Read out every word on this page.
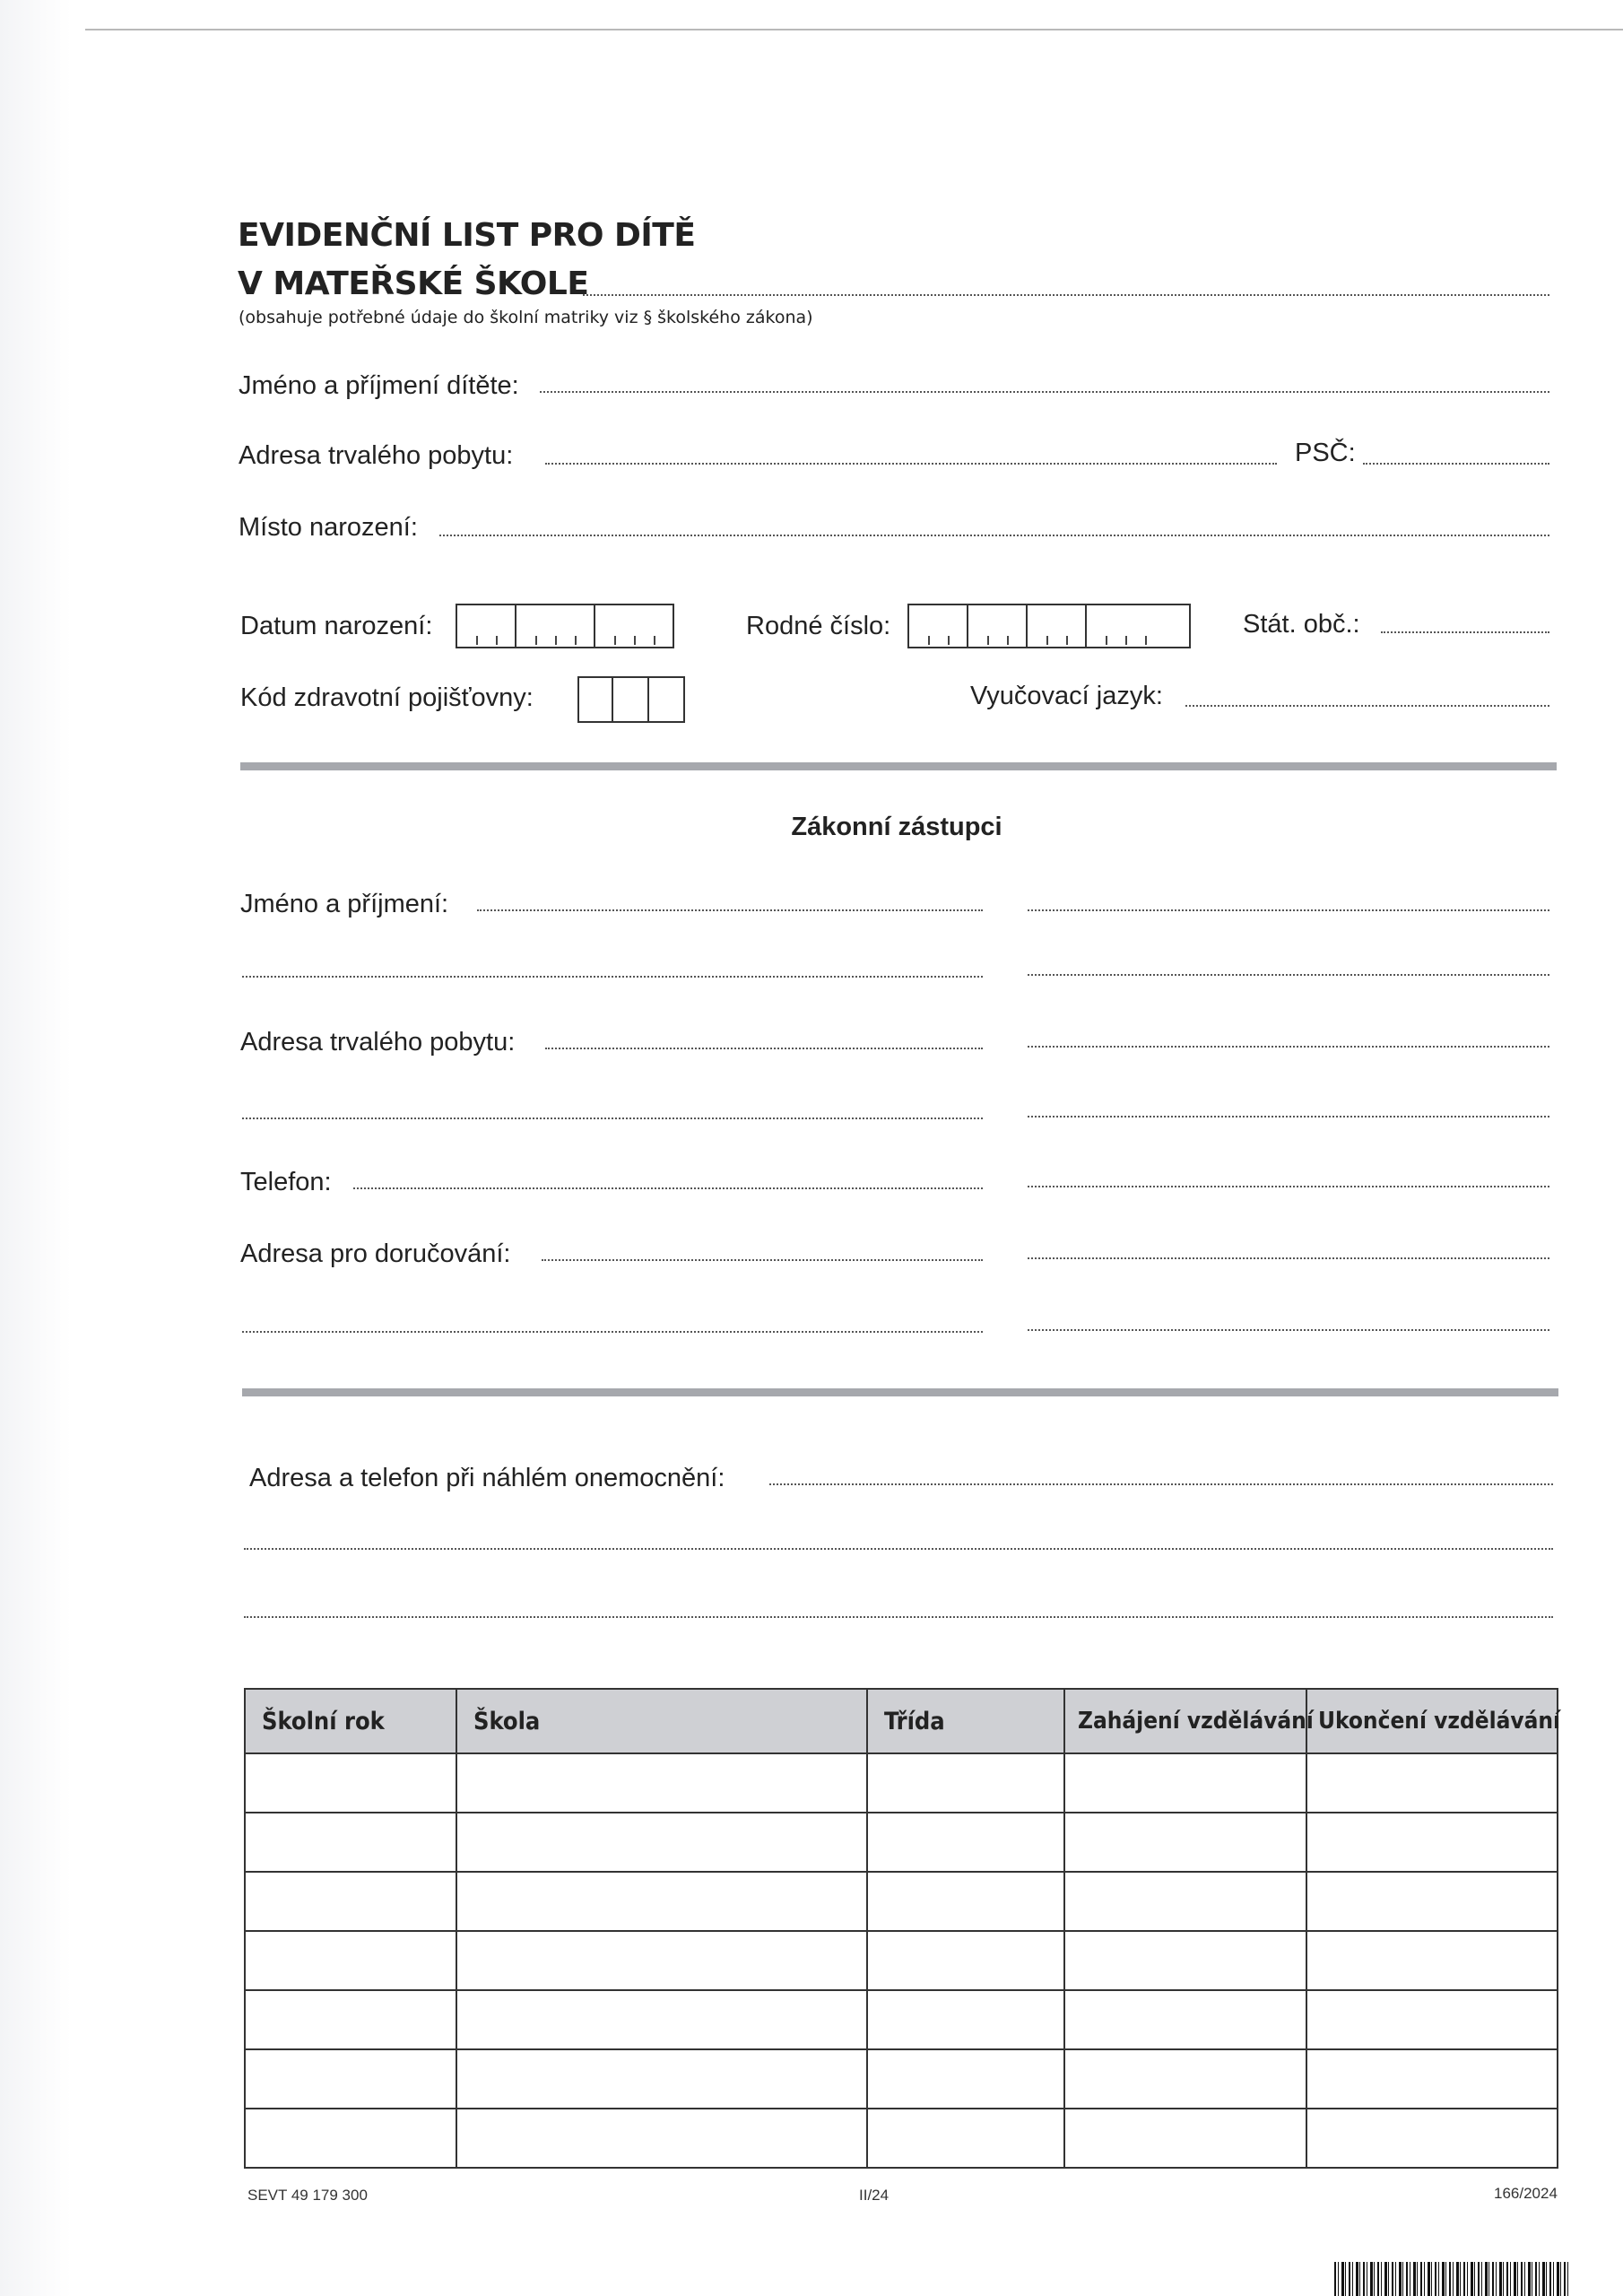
EVIDENČNÍ LIST PRO DÍTĚ
V MATEŘSKÉ ŠKOLE
(obsahuje potřebné údaje do školní matriky viz § školského zákona)
Jméno a příjmení dítěte:
Adresa trvalého pobytu:	PSČ:
Místo narození:
Datum narození:	Rodné číslo:	Stát. obč.:
Kód zdravotní pojišťovny:	Vyučovací jazyk:
Zákonní zástupci
Jméno a příjmení:
Adresa trvalého pobytu:
Telefon:
Adresa pro doručování:
Adresa a telefon při náhlém onemocnění:
Školní rok	Škola	Třída	Zahájení vzdělávání	Ukončení vzdělávání

SEVT 49 179 300	II/24	166/2024
